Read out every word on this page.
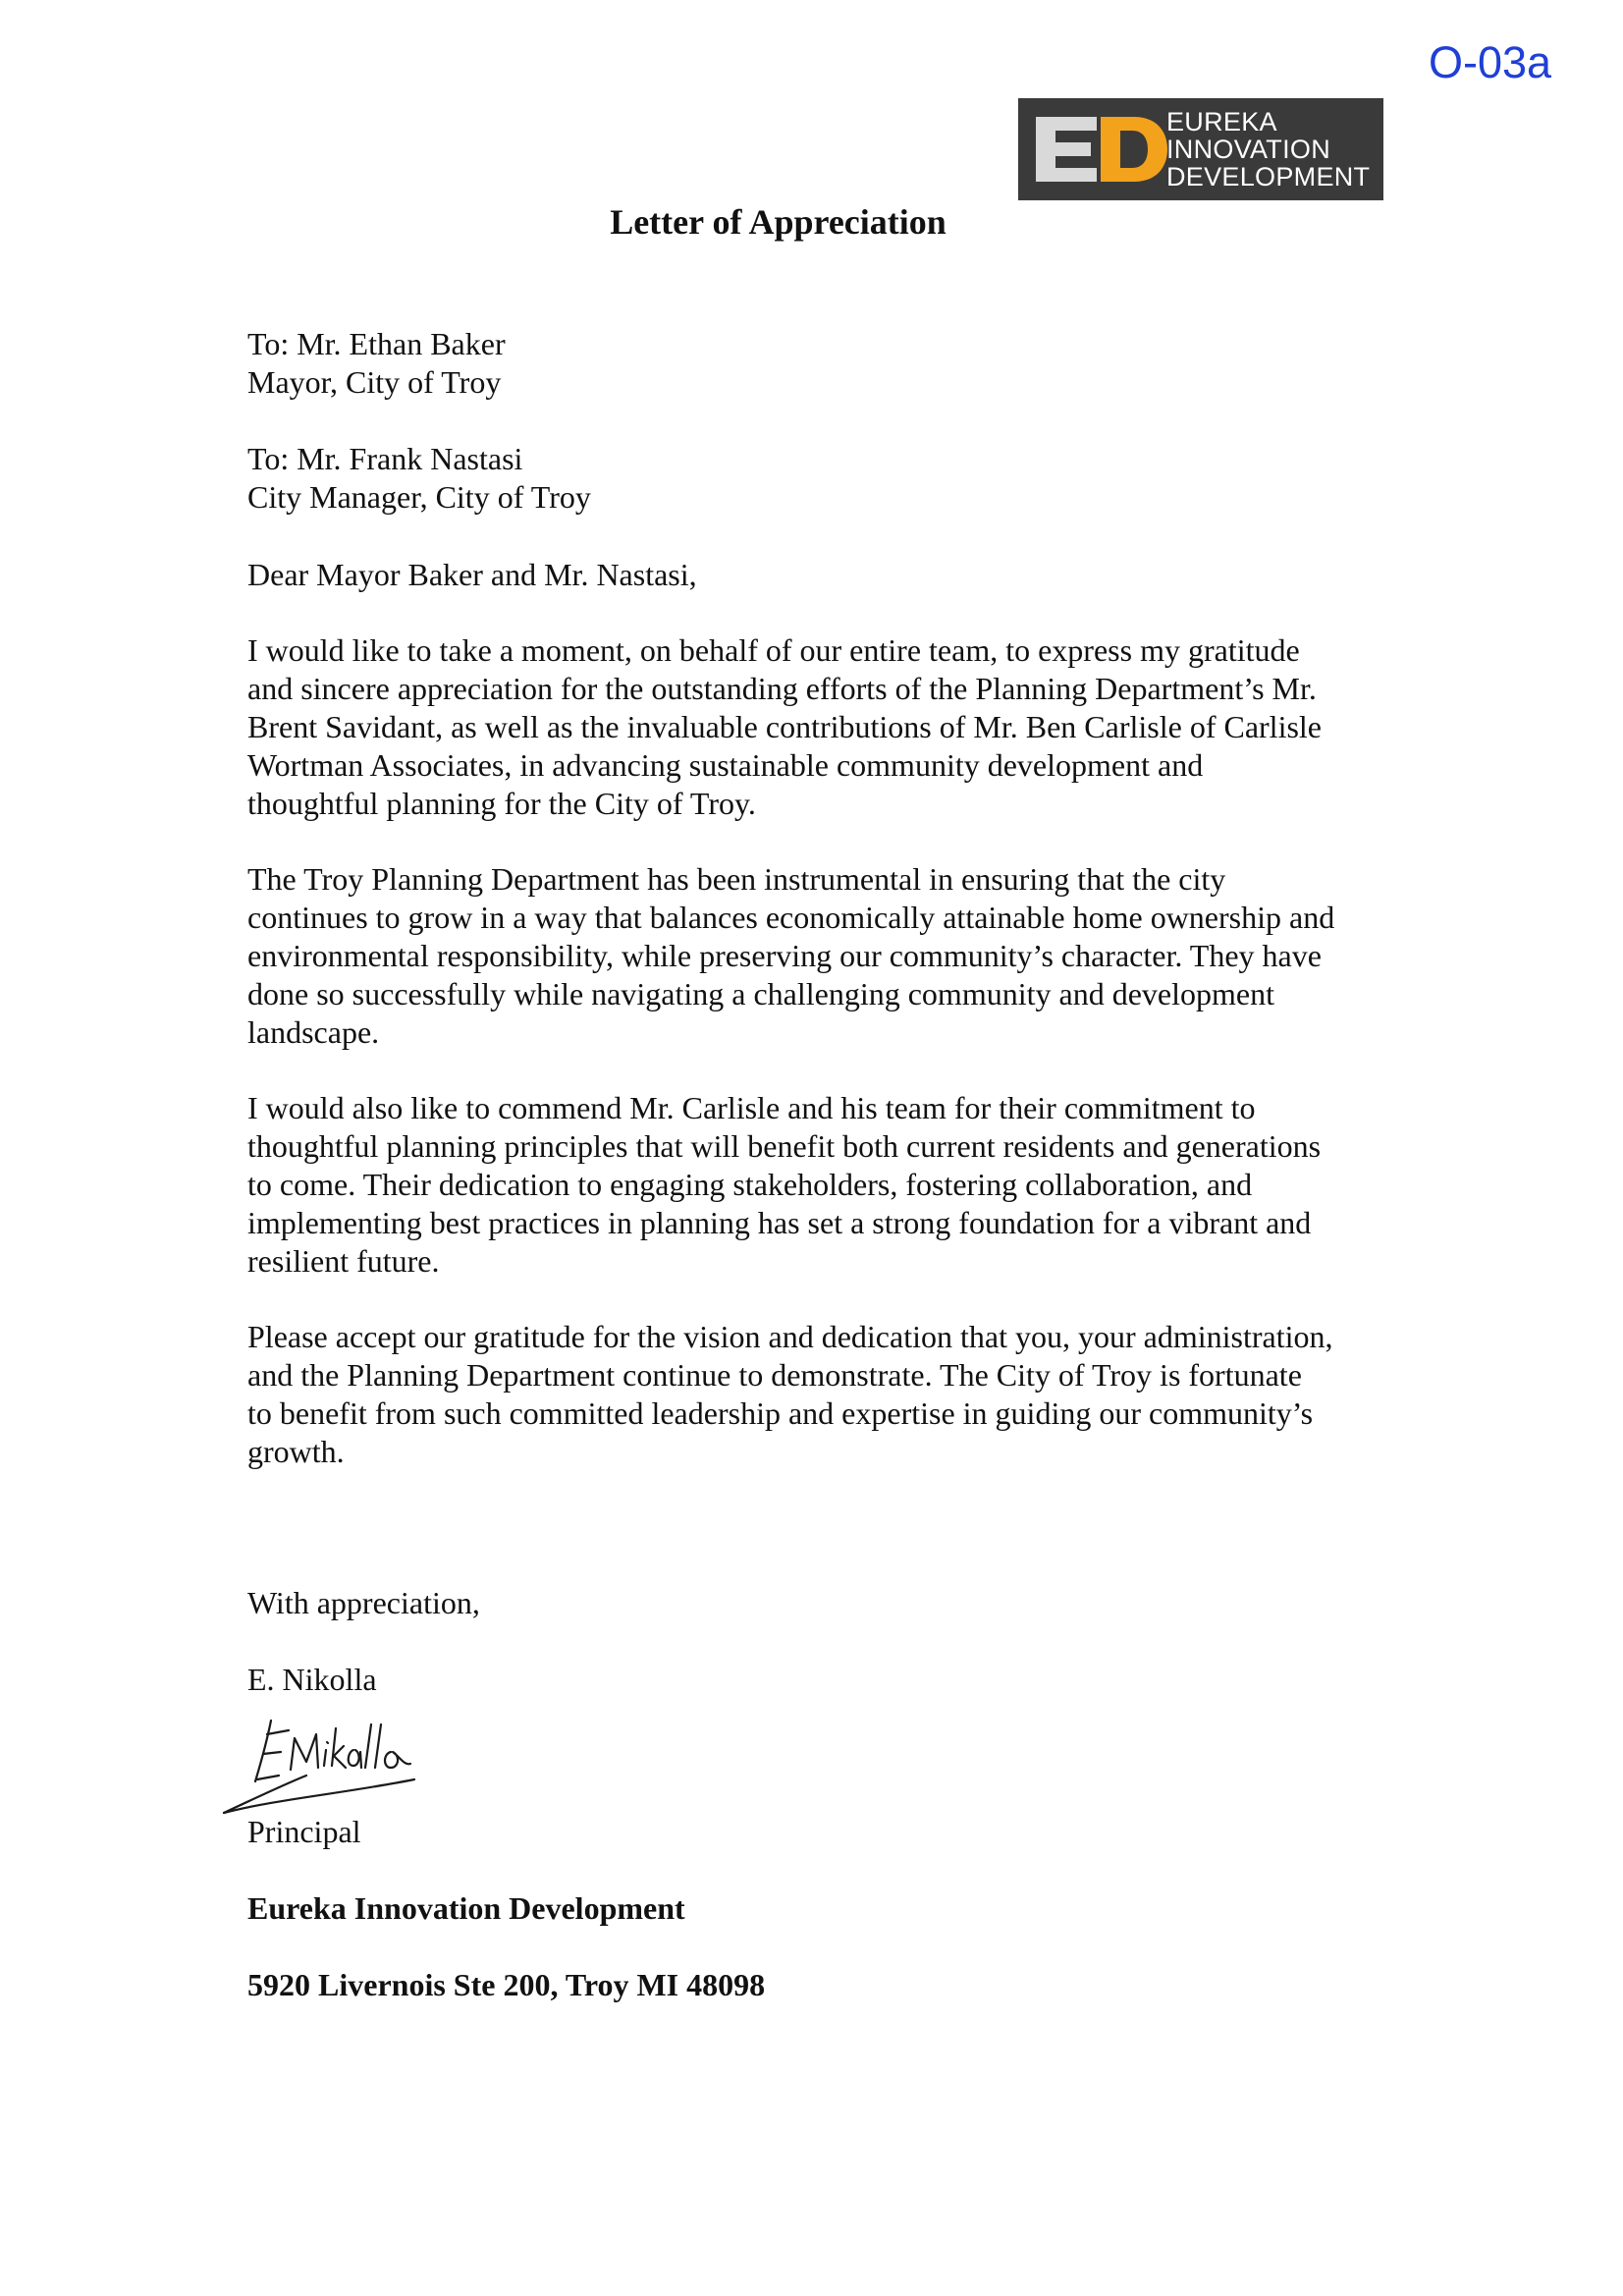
O-03a
EUREKA
INNOVATION
DEVELOPMENT
Letter of Appreciation
To: Mr. Ethan Baker
Mayor, City of Troy
To: Mr. Frank Nastasi
City Manager, City of Troy
Dear Mayor Baker and Mr. Nastasi,
I would like to take a moment, on behalf of our entire team, to express my gratitude
and sincere appreciation for the outstanding efforts of the Planning Department’s Mr.
Brent Savidant, as well as the invaluable contributions of Mr. Ben Carlisle of Carlisle
Wortman Associates, in advancing sustainable community development and
thoughtful planning for the City of Troy.
The Troy Planning Department has been instrumental in ensuring that the city
continues to grow in a way that balances economically attainable home ownership and
environmental responsibility, while preserving our community’s character. They have
done so successfully while navigating a challenging community and development
landscape.
I would also like to commend Mr. Carlisle and his team for their commitment to
thoughtful planning principles that will benefit both current residents and generations
to come. Their dedication to engaging stakeholders, fostering collaboration, and
implementing best practices in planning has set a strong foundation for a vibrant and
resilient future.
Please accept our gratitude for the vision and dedication that you, your administration,
and the Planning Department continue to demonstrate. The City of Troy is fortunate
to benefit from such committed leadership and expertise in guiding our community’s
growth.
With appreciation,
E. Nikolla
Principal
Eureka Innovation Development
5920 Livernois Ste 200, Troy MI 48098
